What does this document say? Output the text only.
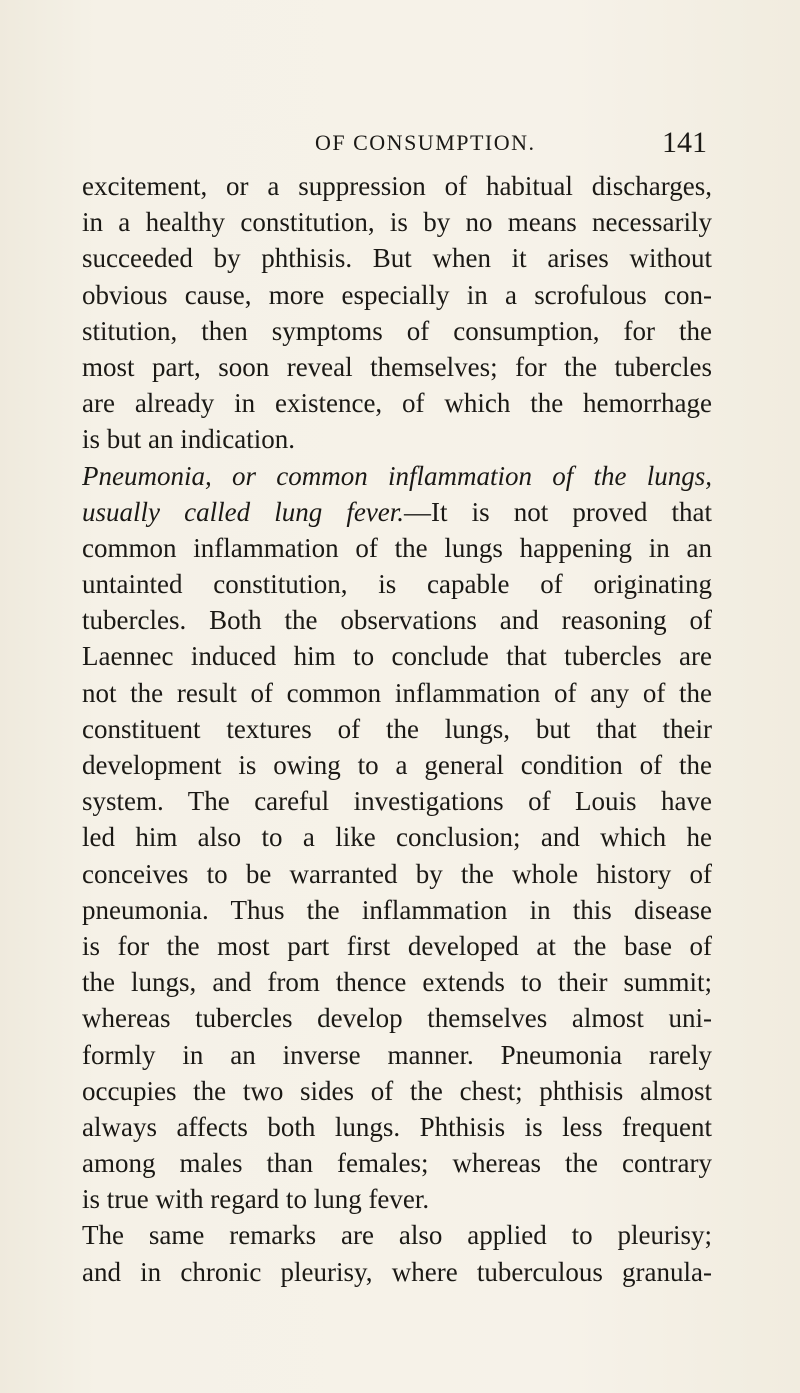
OF CONSUMPTION.	141
excitement, or a suppression of habitual discharges,
in a healthy constitution, is by no means necessarily
succeeded by phthisis. But when it arises without
obvious cause, more especially in a scrofulous con-
stitution, then symptoms of consumption, for the
most part, soon reveal themselves; for the tubercles
are already in existence, of which the hemorrhage
is but an indication.
Pneumonia, or common inflammation of the lungs,
usually called lung fever.—It is not proved that
common inflammation of the lungs happening in an
untainted constitution, is capable of originating
tubercles. Both the observations and reasoning of
Laennec induced him to conclude that tubercles are
not the result of common inflammation of any of the
constituent textures of the lungs, but that their
development is owing to a general condition of the
system. The careful investigations of Louis have
led him also to a like conclusion; and which he
conceives to be warranted by the whole history of
pneumonia. Thus the inflammation in this disease
is for the most part first developed at the base of
the lungs, and from thence extends to their summit;
whereas tubercles develop themselves almost uni-
formly in an inverse manner. Pneumonia rarely
occupies the two sides of the chest; phthisis almost
always affects both lungs. Phthisis is less frequent
among males than females; whereas the contrary
is true with regard to lung fever.
The same remarks are also applied to pleurisy;
and in chronic pleurisy, where tuberculous granula-
